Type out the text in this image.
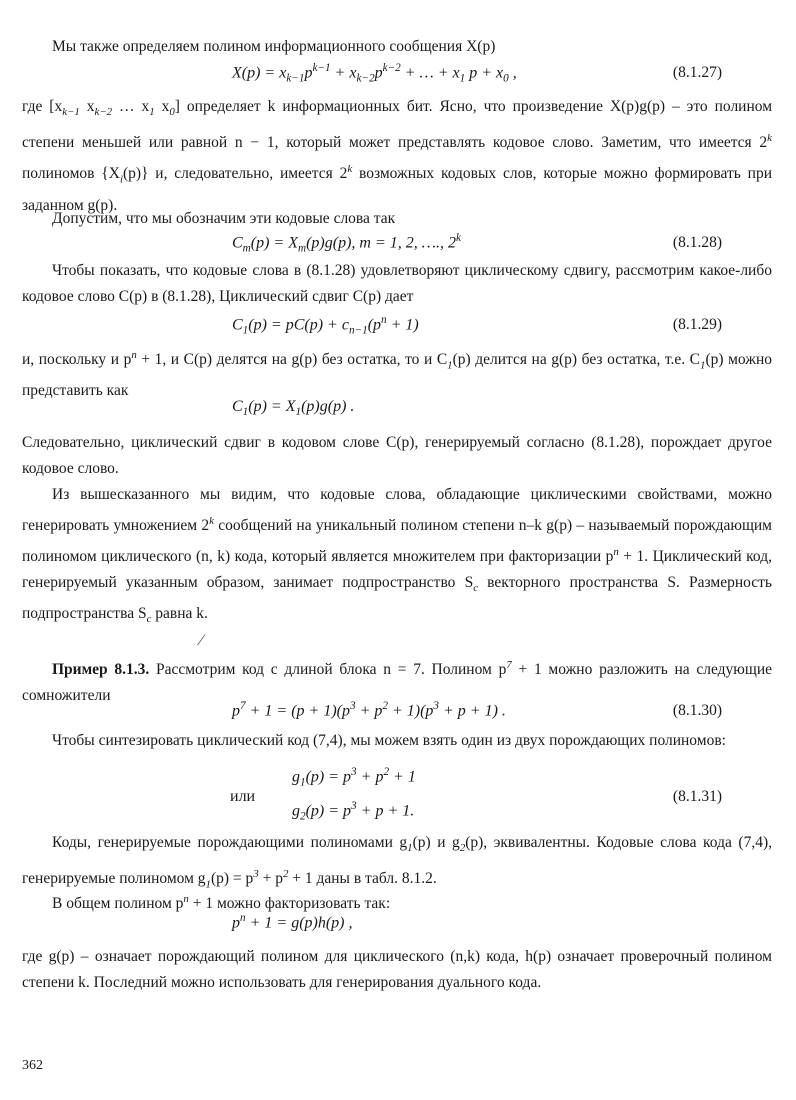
Мы также определяем полином информационного сообщения X(p)

$X(p) = x_{k-1}p^{k-1} + x_{k-2}p^{k-2}$ + … + $x_1$ $p + x_0$ ,	(8.1.27)

где [$x_{k-1}$ $x_{k-2}$ … $x_1$ $x_0$] определяет k информационных бит. Ясно, что произведение X(p)g(p) – это полином степени меньшей или равной n − 1, который может представлять кодовое слово. Заметим, что имеется 2$^k$ полиномов $\{X_i(p)\}$ и, следовательно, имеется 2$^k$ возможных кодовых слов, которые можно формировать при заданном g(p).

Допустим, что мы обозначим эти кодовые слова так

$C_m(p) = X_m(p)g(p)$, m = 1, 2, …., 2$^k$	(8.1.28)

Чтобы показать, что кодовые слова в (8.1.28) удовлетворяют циклическому сдвигу, рассмотрим какое-либо кодовое слово C(p) в (8.1.28), Циклический сдвиг C(p) дает

$C_1(p) = pC(p) + c_{n-1}(p^n + 1)$	(8.1.29)

и, поскольку и $p^n + 1$, и C(p) делятся на g(p) без остатка, то и $C_1(p)$ делится на g(p) без остатка, т.е. $C_1(p)$ можно представить как

$C_1(p) = X_1(p)g(p)$ .

Следовательно, циклический сдвиг в кодовом слове C(p), генерируемый согласно (8.1.28), порождает другое кодовое слово.

Из вышесказанного мы видим, что кодовые слова, обладающие циклическими свойствами, можно генерировать умножением 2$^k$ сообщений на уникальный полином степени n–k g(p) – называемый порождающим полиномом циклического (n, k) кода, который является множителем при факторизации $p^n + 1$. Циклический код, генерируемый указанным образом, занимает подпространство $S_c$ векторного пространства S. Размерность подпространства $S_c$ равна k.

⁄

Пример 8.1.3. Рассмотрим код с длиной блока n = 7. Полином $p^7 + 1$ можно разложить на следующие сомножители

$p^7 + 1 = (p + 1)(p^3 + p^2 + 1)(p^3 + p + 1)$ .	(8.1.30)

Чтобы синтезировать циклический код (7,4), мы можем взять один из двух порождающих полиномов:

$g_1(p) = p^3 + p^2 + 1$
или
$g_2(p) = p^3 + p + 1$.
(8.1.31)

Коды, генерируемые порождающими полиномами $g_1(p)$ и $g_2(p)$, эквивалентны. Кодовые слова кода (7,4), генерируемые полиномом $g_1(p) = p^3 + p^2 + 1$ даны в табл. 8.1.2.

В общем полином $p^n + 1$ можно факторизовать так:

$p^n + 1 = g(p)h(p)$ ,

где g(p) – означает порождающий полином для циклического (n,k) кода, h(p) означает проверочный полином степени k. Последний можно использовать для генерирования дуального кода.

362
